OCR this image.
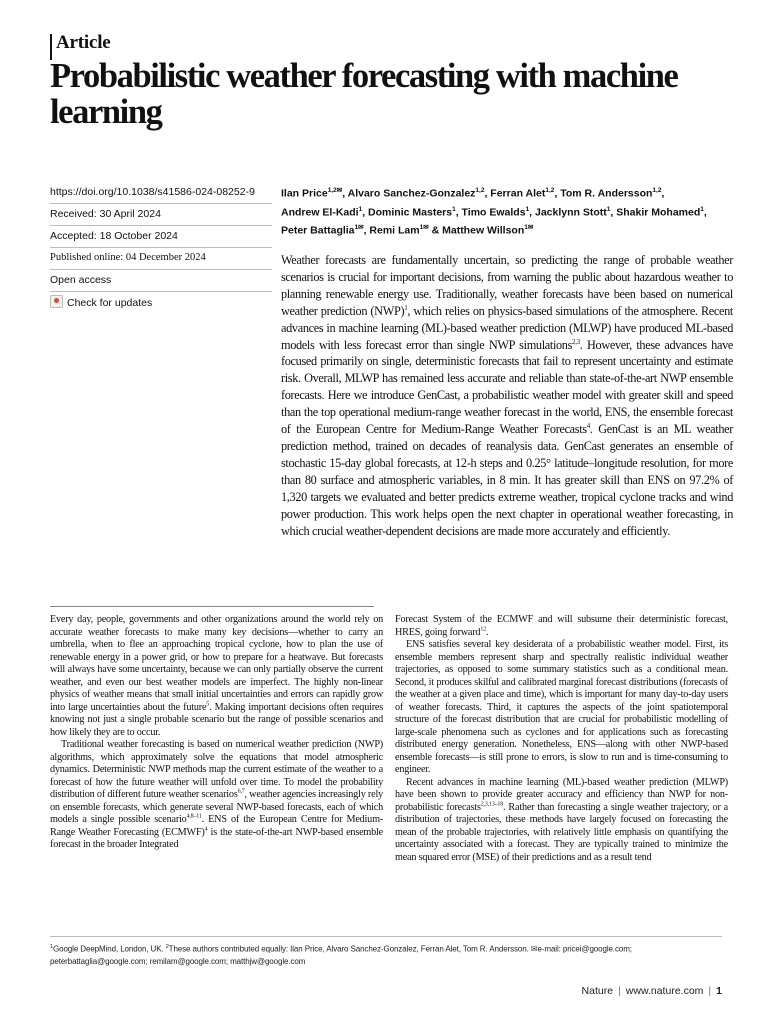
Article
Probabilistic weather forecasting with machine learning
https://doi.org/10.1038/s41586-024-08252-9
Received: 30 April 2024
Accepted: 18 October 2024
Published online: 04 December 2024
Open access
Check for updates
Ilan Price$^{1,2✉}$, Alvaro Sanchez-Gonzalez$^{1,2}$, Ferran Alet$^{1,2}$, Tom R. Andersson$^{1,2}$,
Andrew El-Kadi$^1$, Dominic Masters$^1$, Timo Ewalds$^1$, Jacklynn Stott$^1$, Shakir Mohamed$^1$,
Peter Battaglia$^{1✉}$, Remi Lam$^{1✉}$ & Matthew Willson$^{1✉}$
Weather forecasts are fundamentally uncertain, so predicting the range of probable weather scenarios is crucial for important decisions, from warning the public about hazardous weather to planning renewable energy use. Traditionally, weather forecasts have been based on numerical weather prediction (NWP)$^1$, which relies on physics-based simulations of the atmosphere. Recent advances in machine learning (ML)-based weather prediction (MLWP) have produced ML-based models with less forecast error than single NWP simulations$^{2,3}$. However, these advances have focused primarily on single, deterministic forecasts that fail to represent uncertainty and estimate risk. Overall, MLWP has remained less accurate and reliable than state-of-the-art NWP ensemble forecasts. Here we introduce GenCast, a probabilistic weather model with greater skill and speed than the top operational medium-range weather forecast in the world, ENS, the ensemble forecast of the European Centre for Medium-Range Weather Forecasts$^4$. GenCast is an ML weather prediction method, trained on decades of reanalysis data. GenCast generates an ensemble of stochastic 15-day global forecasts, at 12-h steps and 0.25° latitude–longitude resolution, for more than 80 surface and atmospheric variables, in 8 min. It has greater skill than ENS on 97.2% of 1,320 targets we evaluated and better predicts extreme weather, tropical cyclone tracks and wind power production. This work helps open the next chapter in operational weather forecasting, in which crucial weather-dependent decisions are made more accurately and efficiently.

Every day, people, governments and other organizations around the world rely on accurate weather forecasts to make many key decisions—whether to carry an umbrella, when to flee an approaching tropical cyclone, how to plan the use of renewable energy in a power grid, or how to prepare for a heatwave. But forecasts will always have some uncertainty, because we can only partially observe the current weather, and even our best weather models are imperfect. The highly non-linear physics of weather means that small initial uncertainties and errors can rapidly grow into large uncertainties about the future$^5$. Making important decisions often requires knowing not just a single probable scenario but the range of possible scenarios and how likely they are to occur.

Traditional weather forecasting is based on numerical weather prediction (NWP) algorithms, which approximately solve the equations that model atmospheric dynamics. Deterministic NWP methods map the current estimate of the weather to a forecast of how the future weather will unfold over time. To model the probability distribution of different future weather scenarios$^{6,7}$, weather agencies increasingly rely on ensemble forecasts, which generate several NWP-based forecasts, each of which models a single possible scenario$^{4,8-11}$. ENS of the European Centre for Medium-Range Weather Forecasting (ECMWF)$^4$ is the state-of-the-art NWP-based ensemble forecast in the broader Integrated

Forecast System of the ECMWF and will subsume their deterministic forecast, HRES, going forward$^{12}$.

ENS satisfies several key desiderata of a probabilistic weather model. First, its ensemble members represent sharp and spectrally realistic individual weather trajectories, as opposed to some summary statistics such as a conditional mean. Second, it produces skilful and calibrated marginal forecast distributions (forecasts of the weather at a given place and time), which is important for many day-to-day users of weather forecasts. Third, it captures the aspects of the joint spatiotemporal structure of the forecast distribution that are crucial for probabilistic modelling of large-scale phenomena such as cyclones and for applications such as forecasting distributed energy generation. Nonetheless, ENS—along with other NWP-based ensemble forecasts—is still prone to errors, is slow to run and is time-consuming to engineer.

Recent advances in machine learning (ML)-based weather prediction (MLWP) have been shown to provide greater accuracy and efficiency than NWP for non-probabilistic forecasts$^{2,3,13-18}$. Rather than forecasting a single weather trajectory, or a distribution of trajectories, these methods have largely focused on forecasting the mean of the probable trajectories, with relatively little emphasis on quantifying the uncertainty associated with a forecast. They are typically trained to minimize the mean squared error (MSE) of their predictions and as a result tend

$^1$Google DeepMind, London, UK. $^2$These authors contributed equally: Ilan Price, Alvaro Sanchez-Gonzalez, Ferran Alet, Tom R. Andersson. ✉e-mail: pricei@google.com; peterbattaglia@google.com; remilam@google.com; matthjw@google.com
Nature | www.nature.com | 1
